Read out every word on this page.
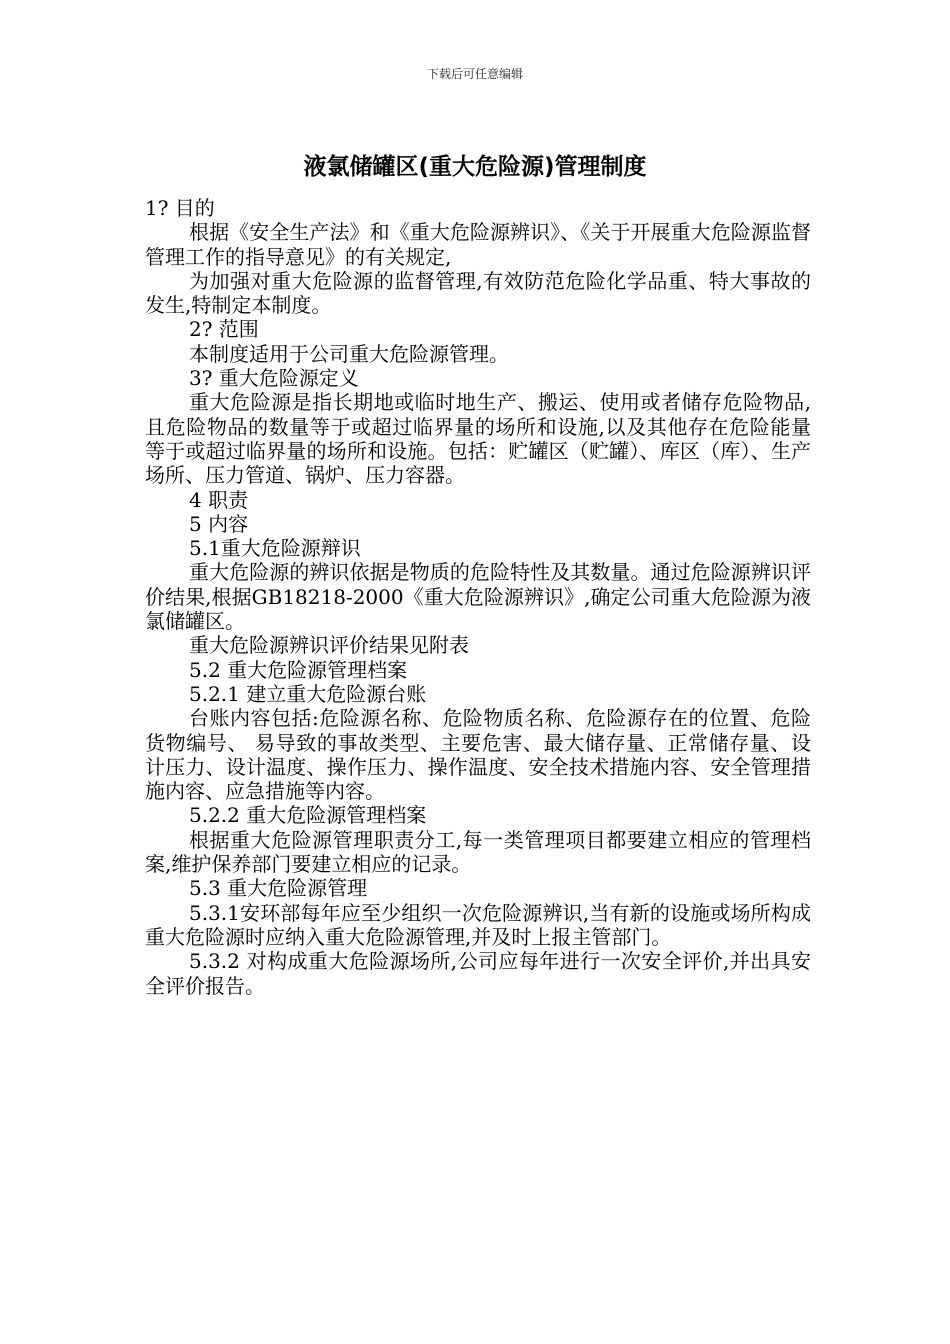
下载后可任意编辑
液氯储罐区(重大危险源)管理制度

1? 目的

根据《安全生产法》和《重大危险源辨识》、《关于开展重大危险源监督管理工作的指导意见》的有关规定,

为加强对重大危险源的监督管理,有效防范危险化学品重、特大事故的发生,特制定本制度。

2? 范围

本制度适用于公司重大危险源管理。

3? 重大危险源定义

重大危险源是指长期地或临时地生产、搬运、使用或者储存危险物品,且危险物品的数量等于或超过临界量的场所和设施,以及其他存在危险能量等于或超过临界量的场所和设施。包括：贮罐区（贮罐）、库区（库）、生产场所、压力管道、锅炉、压力容器。

4 职责

5 内容

5.1重大危险源辩识

重大危险源的辨识依据是物质的危险特性及其数量。通过危险源辨识评价结果,根据GB18218-2000《重大危险源辨识》,确定公司重大危险源为液氯储罐区。

重大危险源辨识评价结果见附表

5.2 重大危险源管理档案

5.2.1 建立重大危险源台账

台账内容包括:危险源名称、危险物质名称、危险源存在的位置、危险货物编号、 易导致的事故类型、主要危害、最大储存量、正常储存量、设计压力、设计温度、操作压力、操作温度、安全技术措施内容、安全管理措施内容、应急措施等内容。

5.2.2 重大危险源管理档案

根据重大危险源管理职责分工,每一类管理项目都要建立相应的管理档案,维护保养部门要建立相应的记录。

5.3 重大危险源管理

5.3.1安环部每年应至少组织一次危险源辨识,当有新的设施或场所构成重大危险源时应纳入重大危险源管理,并及时上报主管部门。

5.3.2 对构成重大危险源场所,公司应每年进行一次安全评价,并出具安全评价报告。
